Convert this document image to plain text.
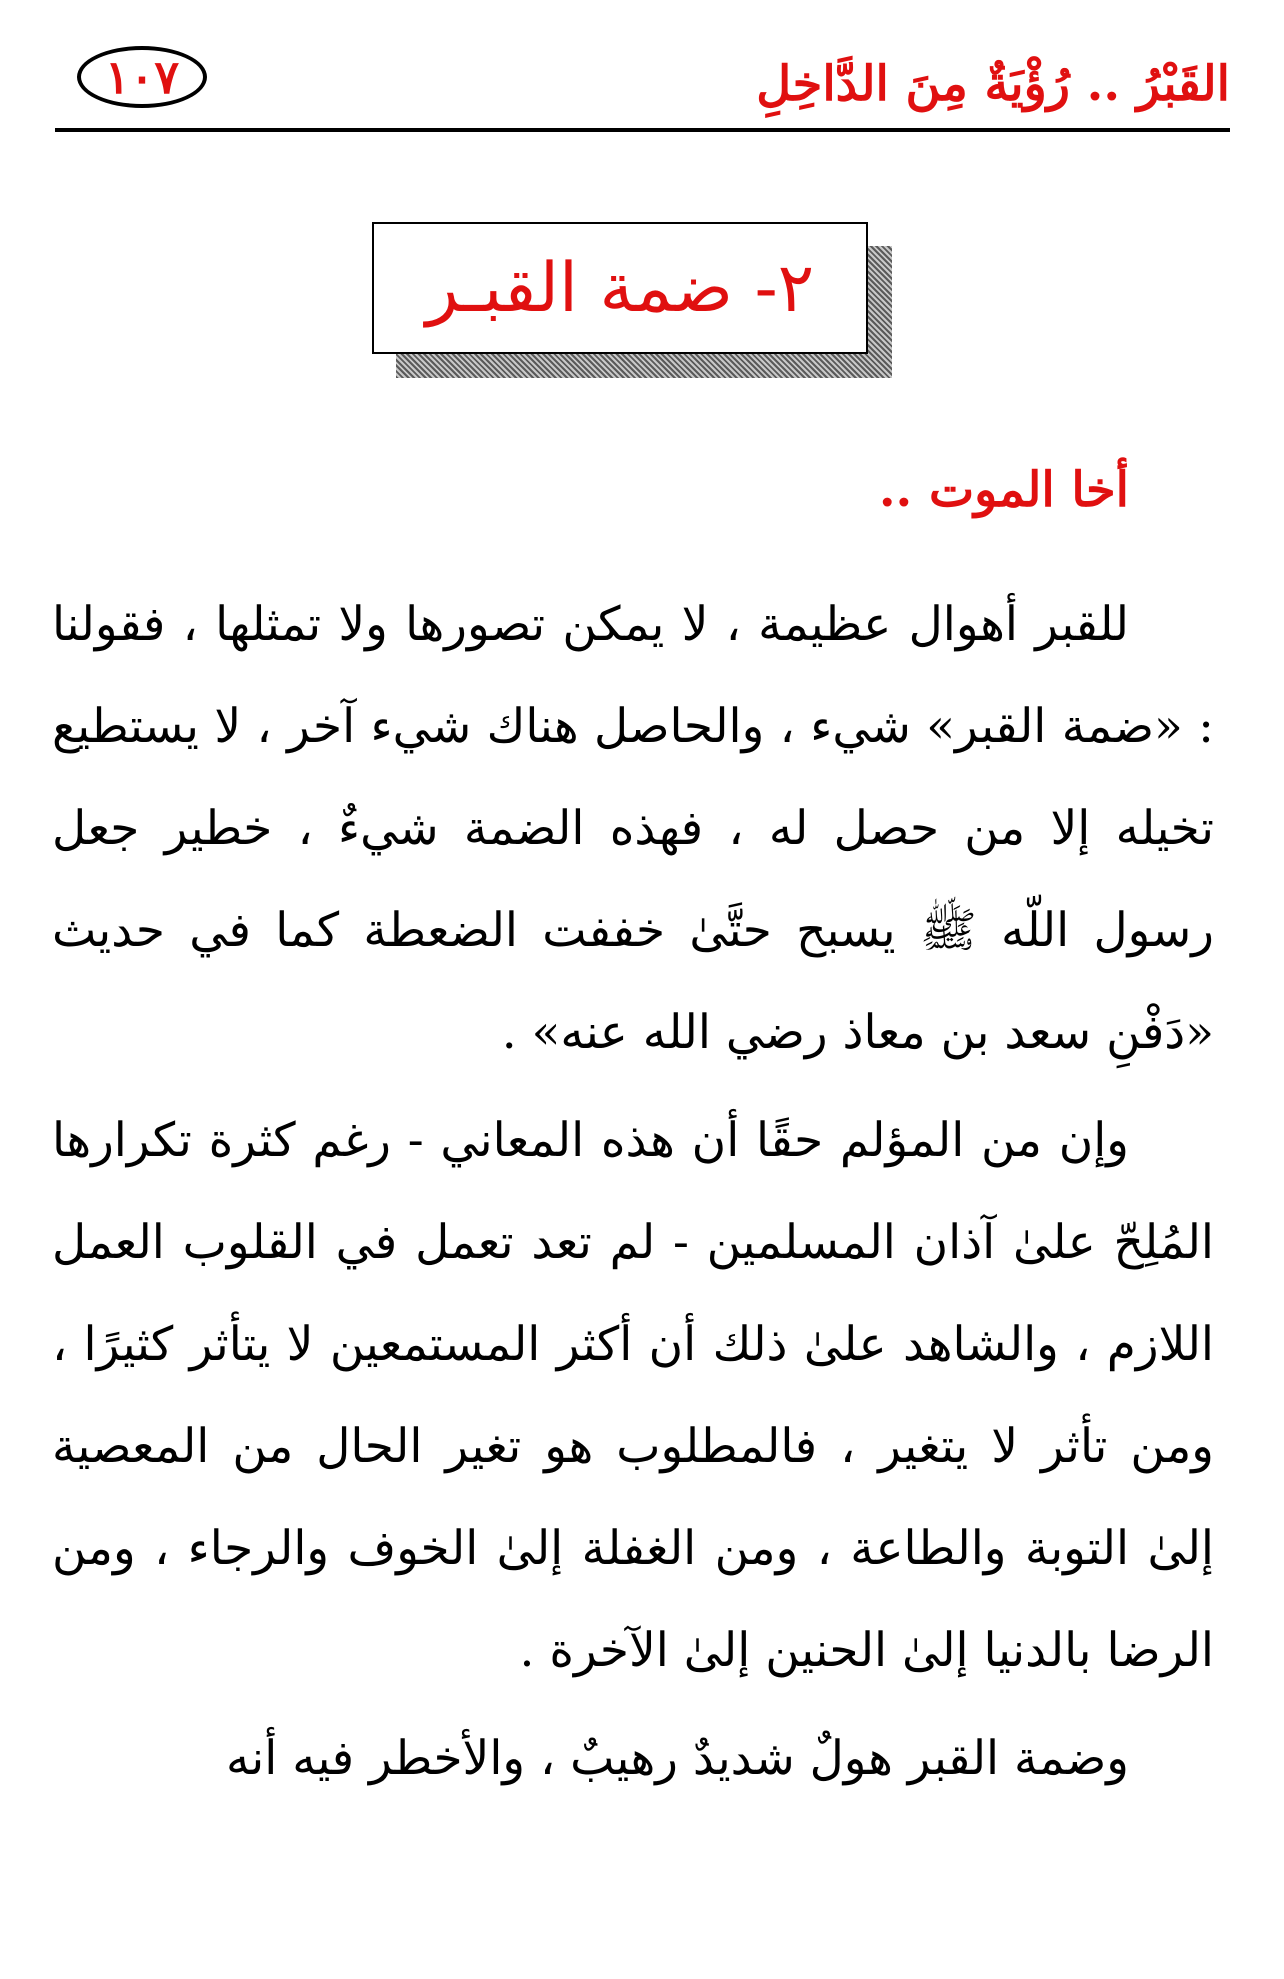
القَبْرُ .. رُؤْيَةٌ مِنَ الدَّاخِلِ
١٠٧
٢- ضمة القبـر
أخا الموت ..

للقبر أهوال عظيمة ، لا يمكن تصورها ولا تمثلها ، فقولنا : «ضمة القبر» شيء ، والحاصل هناك شيء آخر ، لا يستطيع تخيله إلا من حصل له ، فهذه الضمة شيءٌ ، خطير جعل رسول اللّه ﷺ يسبح حتَّىٰ خففت الضعطة كما في حديث «دَفْنِ سعد بن معاذ رضي الله عنه» .

وإن من المؤلم حقًا أن هذه المعاني - رغم كثرة تكرارها المُلِحّ علىٰ آذان المسلمين - لم تعد تعمل في القلوب العمل اللازم ، والشاهد علىٰ ذلك أن أكثر المستمعين لا يتأثر كثيرًا ، ومن تأثر لا يتغير ، فالمطلوب هو تغير الحال من المعصية إلىٰ التوبة والطاعة ، ومن الغفلة إلىٰ الخوف والرجاء ، ومن الرضا بالدنيا إلىٰ الحنين إلىٰ الآخرة .

وضمة القبر هولٌ شديدٌ رهيبٌ ، والأخطر فيه أنه
